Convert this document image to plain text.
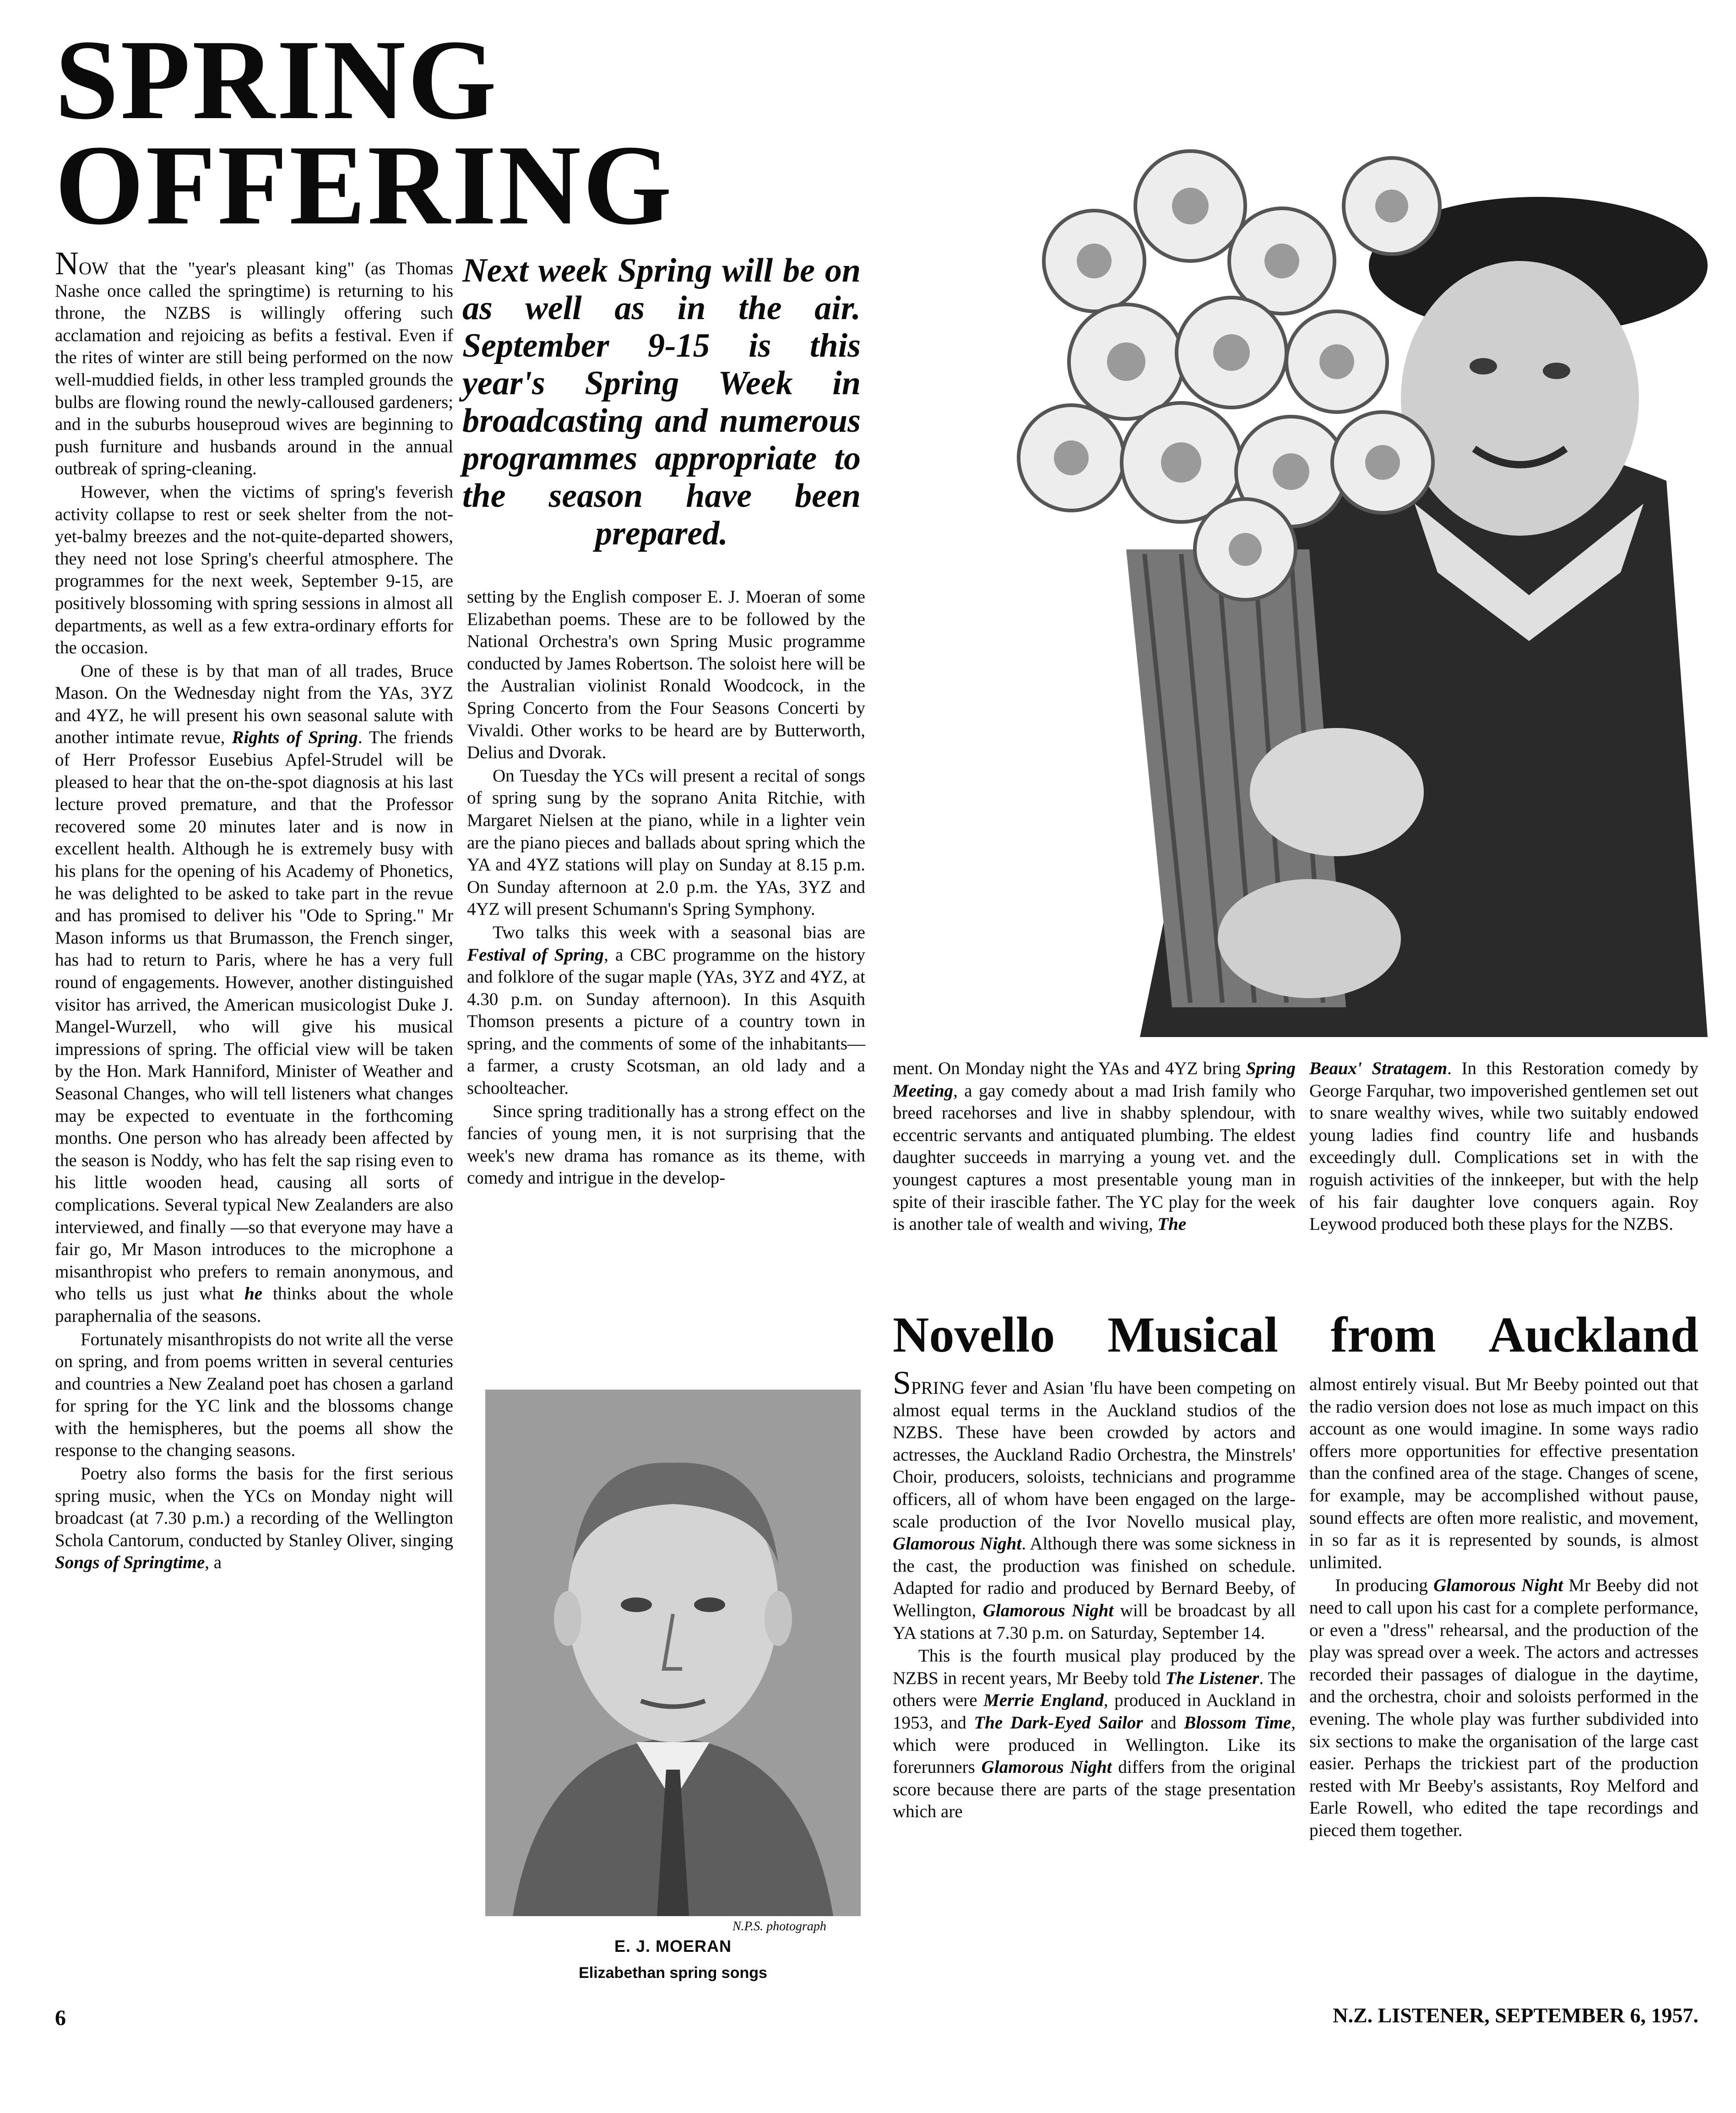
SPRING
OFFERING

NOW that the "year's pleasant king" (as Thomas Nashe once called the springtime) is returning to his throne, the NZBS is willingly offering such acclamation and rejoicing as befits a festival. Even if the rites of winter are still being performed on the now well-muddied fields, in other less trampled grounds the bulbs are flowing round the newly-calloused gardeners; and in the suburbs houseproud wives are beginning to push furniture and husbands around in the annual outbreak of spring-cleaning.

However, when the victims of spring's feverish activity collapse to rest or seek shelter from the not-yet-balmy breezes and the not-quite-departed showers, they need not lose Spring's cheerful atmosphere. The programmes for the next week, September 9-15, are positively blossoming with spring sessions in almost all departments, as well as a few extra-ordinary efforts for the occasion.

One of these is by that man of all trades, Bruce Mason. On the Wednesday night from the YAs, 3YZ and 4YZ, he will present his own seasonal salute with another intimate revue, Rights of Spring. The friends of Herr Professor Eusebius Apfel-Strudel will be pleased to hear that the on-the-spot diagnosis at his last lecture proved premature, and that the Professor recovered some 20 minutes later and is now in excellent health. Although he is extremely busy with his plans for the opening of his Academy of Phonetics, he was delighted to be asked to take part in the revue and has promised to deliver his "Ode to Spring." Mr Mason informs us that Brumasson, the French singer, has had to return to Paris, where he has a very full round of engagements. However, another distinguished visitor has arrived, the American musicologist Duke J. Mangel-Wurzell, who will give his musical impressions of spring. The official view will be taken by the Hon. Mark Hanniford, Minister of Weather and Seasonal Changes, who will tell listeners what changes may be expected to eventuate in the forthcoming months. One person who has already been affected by the season is Noddy, who has felt the sap rising even to his little wooden head, causing all sorts of complications. Several typical New Zealanders are also interviewed, and finally —so that everyone may have a fair go, Mr Mason introduces to the microphone a misanthropist who prefers to remain anonymous, and who tells us just what he thinks about the whole paraphernalia of the seasons.

Fortunately misanthropists do not write all the verse on spring, and from poems written in several centuries and countries a New Zealand poet has chosen a garland for spring for the YC link and the blossoms change with the hemispheres, but the poems all show the response to the changing seasons.

Poetry also forms the basis for the first serious spring music, when the YCs on Monday night will broadcast (at 7.30 p.m.) a recording of the Wellington Schola Cantorum, conducted by Stanley Oliver, singing Songs of Springtime, a

Next week Spring will be on as well as in the air. September 9-15 is this year's Spring Week in broadcasting and numerous programmes appropriate to the season have been prepared.

setting by the English composer E. J. Moeran of some Elizabethan poems. These are to be followed by the National Orchestra's own Spring Music programme conducted by James Robertson. The soloist here will be the Australian violinist Ronald Woodcock, in the Spring Concerto from the Four Seasons Concerti by Vivaldi. Other works to be heard are by Butterworth, Delius and Dvorak.

On Tuesday the YCs will present a recital of songs of spring sung by the soprano Anita Ritchie, with Margaret Nielsen at the piano, while in a lighter vein are the piano pieces and ballads about spring which the YA and 4YZ stations will play on Sunday at 8.15 p.m. On Sunday afternoon at 2.0 p.m. the YAs, 3YZ and 4YZ will present Schumann's Spring Symphony.

Two talks this week with a seasonal bias are Festival of Spring, a CBC programme on the history and folklore of the sugar maple (YAs, 3YZ and 4YZ, at 4.30 p.m. on Sunday afternoon). In this Asquith Thomson presents a picture of a country town in spring, and the comments of some of the inhabitants—a farmer, a crusty Scotsman, an old lady and a schoolteacher.

Since spring traditionally has a strong effect on the fancies of young men, it is not surprising that the week's new drama has romance as its theme, with comedy and intrigue in the develop-

ment. On Monday night the YAs and 4YZ bring Spring Meeting, a gay comedy about a mad Irish family who breed racehorses and live in shabby splendour, with eccentric servants and antiquated plumbing. The eldest daughter succeeds in marrying a young vet. and the youngest captures a most presentable young man in spite of their irascible father. The YC play for the week is another tale of wealth and wiving, The

Beaux' Stratagem. In this Restoration comedy by George Farquhar, two impoverished gentlemen set out to snare wealthy wives, while two suitably endowed young ladies find country life and husbands exceedingly dull. Complications set in with the roguish activities of the innkeeper, but with the help of his fair daughter love conquers again. Roy Leywood produced both these plays for the NZBS.

Novello Musical from Auckland

SPRING fever and Asian 'flu have been competing on almost equal terms in the Auckland studios of the NZBS. These have been crowded by actors and actresses, the Auckland Radio Orchestra, the Minstrels' Choir, producers, soloists, technicians and programme officers, all of whom have been engaged on the large-scale production of the Ivor Novello musical play, Glamorous Night. Although there was some sickness in the cast, the production was finished on schedule. Adapted for radio and produced by Bernard Beeby, of Wellington, Glamorous Night will be broadcast by all YA stations at 7.30 p.m. on Saturday, September 14.

This is the fourth musical play produced by the NZBS in recent years, Mr Beeby told The Listener. The others were Merrie England, produced in Auckland in 1953, and The Dark-Eyed Sailor and Blossom Time, which were produced in Wellington. Like its forerunners Glamorous Night differs from the original score because there are parts of the stage presentation which are

almost entirely visual. But Mr Beeby pointed out that the radio version does not lose as much impact on this account as one would imagine. In some ways radio offers more opportunities for effective presentation than the confined area of the stage. Changes of scene, for example, may be accomplished without pause, sound effects are often more realistic, and movement, in so far as it is represented by sounds, is almost unlimited.

In producing Glamorous Night Mr Beeby did not need to call upon his cast for a complete performance, or even a "dress" rehearsal, and the production of the play was spread over a week. The actors and actresses recorded their passages of dialogue in the daytime, and the orchestra, choir and soloists performed in the evening. The whole play was further subdivided into six sections to make the organisation of the large cast easier. Perhaps the trickiest part of the production rested with Mr Beeby's assistants, Roy Melford and Earle Rowell, who edited the tape recordings and pieced them together.

N.P.S. photograph
E. J. MOERAN
Elizabethan spring songs
6	N.Z. LISTENER, SEPTEMBER 6, 1957.
